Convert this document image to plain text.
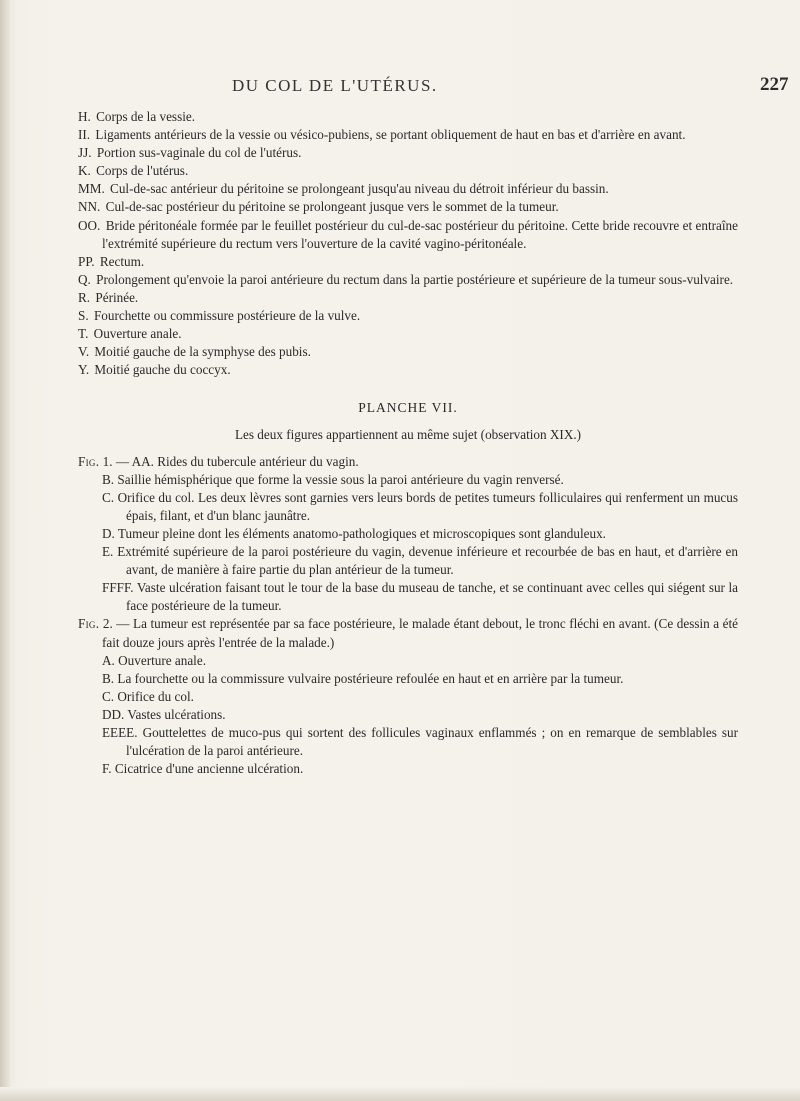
DU COL DE L'UTÉRUS.	227

H. Corps de la vessie.

II. Ligaments antérieurs de la vessie ou vésico-pubiens, se portant obliquement de haut en bas et d'arrière en avant.

JJ. Portion sus-vaginale du col de l'utérus.

K. Corps de l'utérus.

MM. Cul-de-sac antérieur du péritoine se prolongeant jusqu'au niveau du détroit inférieur du bassin.

NN. Cul-de-sac postérieur du péritoine se prolongeant jusque vers le sommet de la tumeur.

OO. Bride péritonéale formée par le feuillet postérieur du cul-de-sac postérieur du péritoine. Cette bride recouvre et entraîne l'extrémité supérieure du rectum vers l'ouverture de la cavité vagino-péritonéale.

PP. Rectum.

Q. Prolongement qu'envoie la paroi antérieure du rectum dans la partie postérieure et supérieure de la tumeur sous-vulvaire.

R. Périnée.

S. Fourchette ou commissure postérieure de la vulve.

T. Ouverture anale.

V. Moitié gauche de la symphyse des pubis.

Y. Moitié gauche du coccyx.

PLANCHE VII.
Les deux figures appartiennent au même sujet (observation XIX.)

Fig. 1. — AA. Rides du tubercule antérieur du vagin.

B. Saillie hémisphérique que forme la vessie sous la paroi antérieure du vagin renversé.

C. Orifice du col. Les deux lèvres sont garnies vers leurs bords de petites tumeurs folliculaires qui renferment un mucus épais, filant, et d'un blanc jaunâtre.

D. Tumeur pleine dont les éléments anatomo-pathologiques et microscopiques sont glanduleux.

E. Extrémité supérieure de la paroi postérieure du vagin, devenue inférieure et recourbée de bas en haut, et d'arrière en avant, de manière à faire partie du plan antérieur de la tumeur.

FFFF. Vaste ulcération faisant tout le tour de la base du museau de tanche, et se continuant avec celles qui siégent sur la face postérieure de la tumeur.

Fig. 2. — La tumeur est représentée par sa face postérieure, le malade étant debout, le tronc fléchi en avant. (Ce dessin a été fait douze jours après l'entrée de la malade.)

A. Ouverture anale.

B. La fourchette ou la commissure vulvaire postérieure refoulée en haut et en arrière par la tumeur.

C. Orifice du col.

DD. Vastes ulcérations.

EEEE. Gouttelettes de muco-pus qui sortent des follicules vaginaux enflammés ; on en remarque de semblables sur l'ulcération de la paroi antérieure.

F. Cicatrice d'une ancienne ulcération.
